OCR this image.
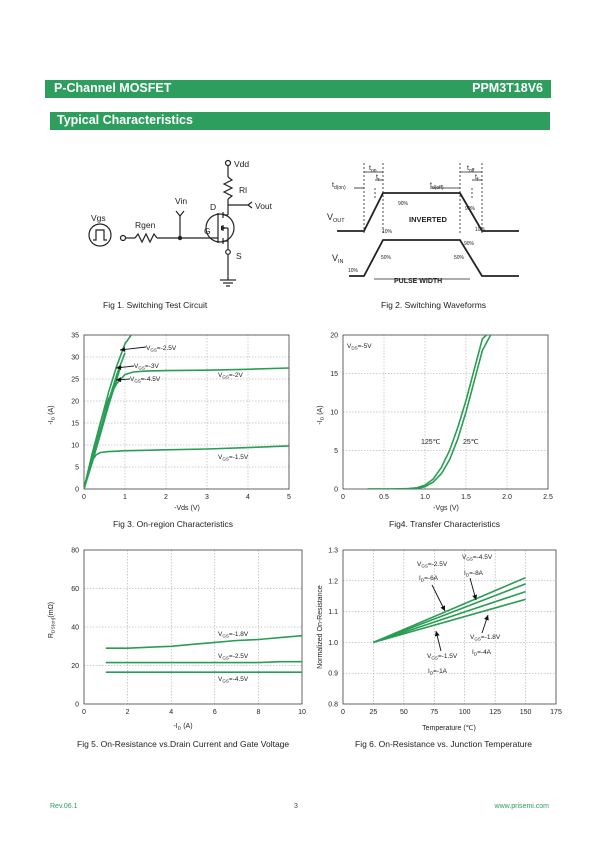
P-Channel MOSFET	PPM3T18V6
Typical Characteristics
Vdd
Rl
Vout
Vin
D
G
S
Vgs
Rgen
Fig 1. Switching Test Circuit
$t_{on}$
$t_r$
$t_{d(on)}$	$t_{d(off)}$
$t_{off}$
$t_f$
$V_{OUT}$
$V_{IN}$
INVERTED
PULSE WIDTH
90%
90%
10%	10%
90%
50%	50%
10%
Fig 2. Switching Waveforms
0	1	2	3	4	5
0
5
10
15
20
25
30
35
$-I_D$ (A)
-Vds (V)
$V_{GS}=-2.5V$
$V_{GS}=-3V$
$V_{GS}=-4.5V$
$V_{GS}=-2V$
$V_{GS}=-1.5V$
Fig 3. On-region Characteristics
0	0.5	1.0	1.5	2.0	2.5
0
5
10
15
20
$-I_D$ (A)
-Vgs (V)
$V_{DS}=-5V$
125℃	25℃
Fig4. Transfer Characteristics
0	2	4	6	8	10
0
20
40
60
80
$R_{DS(on)}(m\Omega)$
$-I_D$ (A)
$V_{GS}=-1.8V$
$V_{GS}=-2.5V$
$V_{GS}=-4.5V$
Fig 5. On-Resistance vs.Drain Current and Gate Voltage
0	25	50	75	100	125	150	175
0.8
0.9
1.0
1.1
1.2
1.3
Normalized On-Resistance
Temperature (℃)
$V_{GS}=-2.5V$
$I_D=-6A$
$V_{GS}=-4.5V$
$I_D=-8A$
$V_{GS}=-1.8V$
$I_D=-4A$
$V_{GS}=-1.5V$
$I_D=-1A$
Fig 6. On-Resistance vs. Junction Temperature
Rev.06.1	3	www.prisemi.com
